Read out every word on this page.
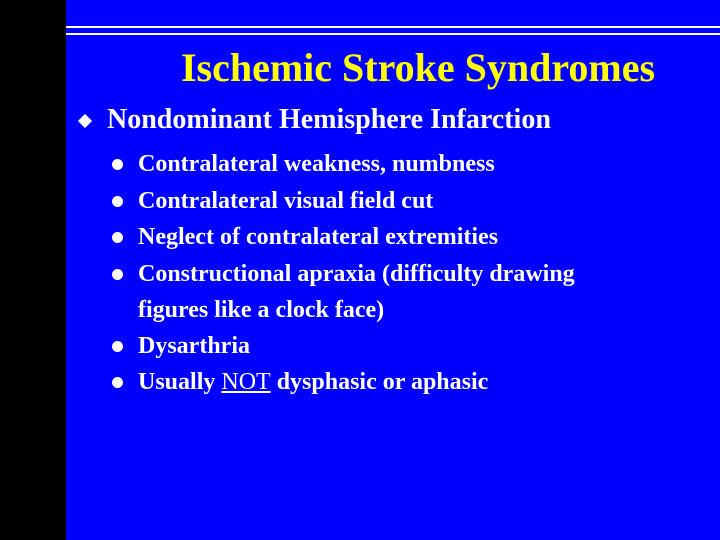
Ischemic Stroke Syndromes
Nondominant Hemisphere Infarction
Contralateral weakness, numbness
Contralateral visual field cut
Neglect of contralateral extremities
Constructional apraxia (difficulty drawing
figures like a clock face)
Dysarthria
Usually NOT dysphasic or aphasic
